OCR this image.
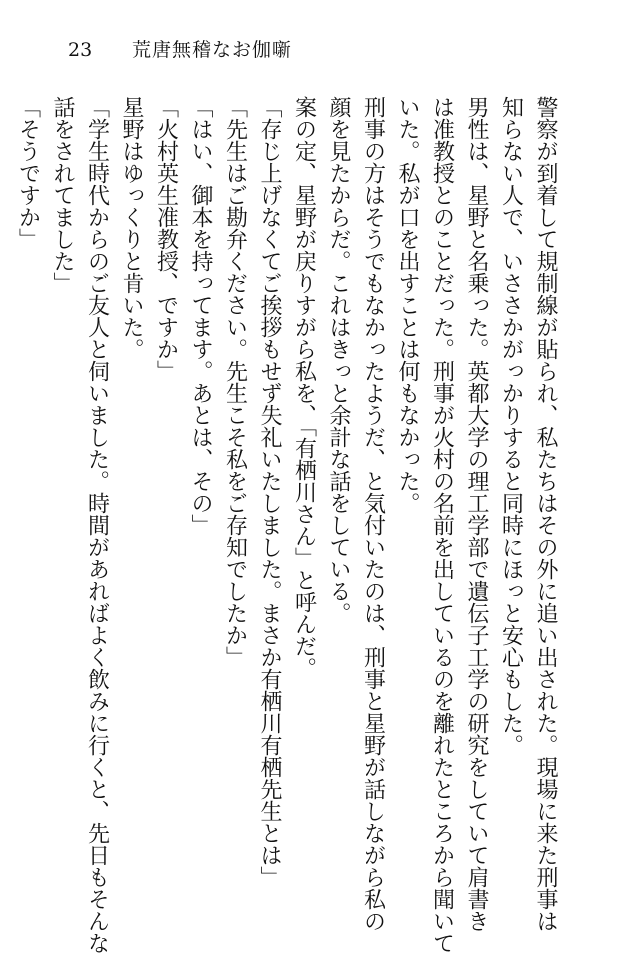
23	荒唐無稽なお伽噺

警察が到着して規制線が貼られ、私たちはその外に追い出された。現場に来た刑事は

知らない人で、いささかがっかりすると同時にほっと安心もした。

男性は、星野と名乗った。英都大学の理工学部で遺伝子工学の研究をしていて肩書き

は准教授とのことだった。刑事が火村の名前を出しているのを離れたところから聞いて

いた。私が口を出すことは何もなかった。

刑事の方はそうでもなかったようだ、と気付いたのは、刑事と星野が話しながら私の

顔を見たからだ。これはきっと余計な話をしている。

案の定、星野が戻りすがら私を、「有栖川さん」と呼んだ。

「存じ上げなくてご挨拶もせず失礼いたしました。まさか有栖川有栖先生とは」

「先生はご勘弁ください。先生こそ私をご存知でしたか」

「はい、御本を持ってます。あとは、その」

「火村英生准教授、ですか」

星野はゆっくりと肯いた。

「学生時代からのご友人と伺いました。時間があればよく飲みに行くと、先日もそんな

話をされてました」

「そうですか」
